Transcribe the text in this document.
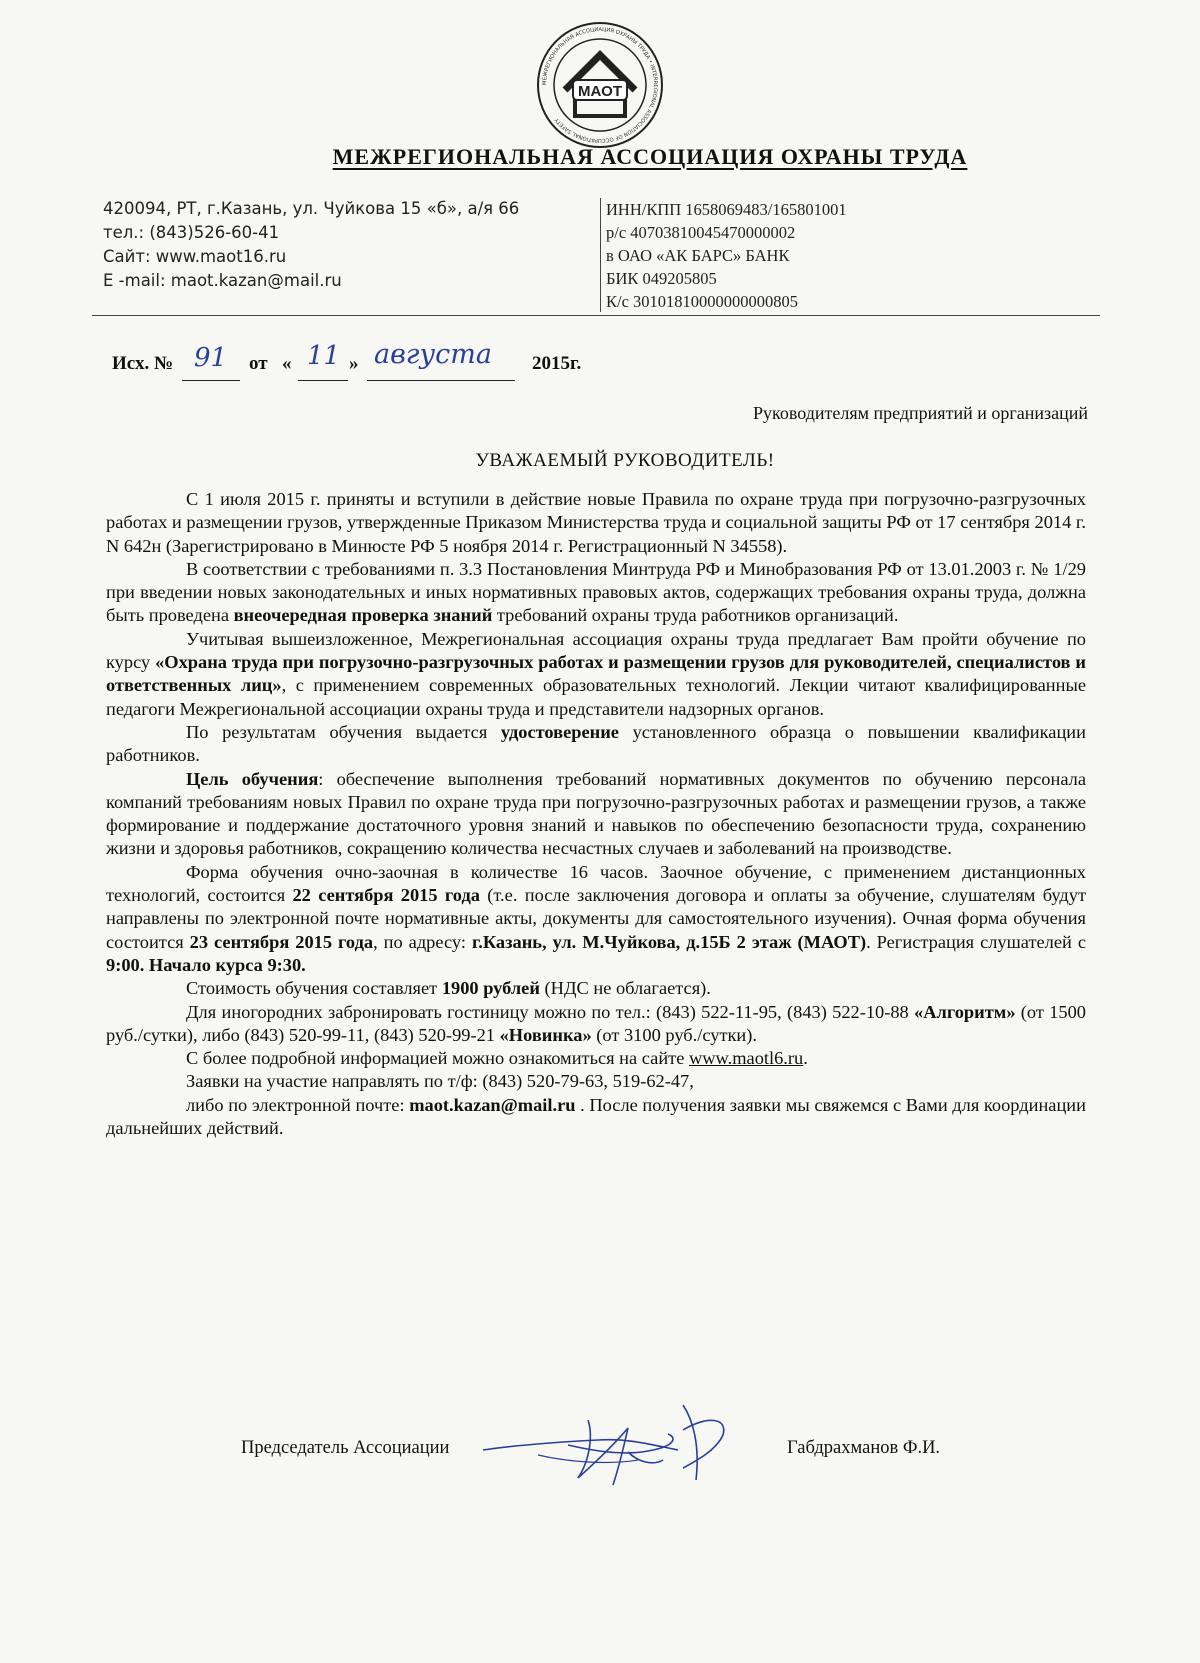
МАОТ
МЕЖРЕГИОНАЛЬНАЯ АССОЦИАЦИЯ ОХРАНЫ ТРУДА • INTERREGIONAL ASSOCIATION OF OCCUPATIONAL SAFETY
МЕЖРЕГИОНАЛЬНАЯ АССОЦИАЦИЯ ОХРАНЫ ТРУДА
420094, РТ, г.Казань, ул. Чуйкова 15 «б», а/я 66
тел.: (843)526-60-41
Сайт: www.maot16.ru
E -mail: maot.kazan@mail.ru
ИНН/КПП 1658069483/165801001
р/с 40703810045470000002
в ОАО «АК БАРС» БАНК
БИК 049205805
К/с 30101810000000000805
Исх. № 91 от « 11 » августа 2015г.
Руководителям предприятий и организаций
УВАЖАЕМЫЙ РУКОВОДИТЕЛЬ!

С 1 июля 2015 г. приняты и вступили в действие новые Правила по охране труда при погрузочно-разгрузочных работах и размещении грузов, утвержденные Приказом Министерства труда и социальной защиты РФ от 17 сентября 2014 г. N 642н (Зарегистрировано в Минюсте РФ 5 ноября 2014 г. Регистрационный N 34558).

В соответствии с требованиями п. 3.3 Постановления Минтруда РФ и Минобразования РФ от 13.01.2003 г. № 1/29 при введении новых законодательных и иных нормативных правовых актов, содержащих требования охраны труда, должна быть проведена внеочередная проверка знаний требований охраны труда работников организаций.

Учитывая вышеизложенное, Межрегиональная ассоциация охраны труда предлагает Вам пройти обучение по курсу «Охрана труда при погрузочно-разгрузочных работах и размещении грузов для руководителей, специалистов и ответственных лиц», с применением современных образовательных технологий. Лекции читают квалифицированные педагоги Межрегиональной ассоциации охраны труда и представители надзорных органов.

По результатам обучения выдается удостоверение установленного образца о повышении квалификации работников.

Цель обучения: обеспечение выполнения требований нормативных документов по обучению персонала компаний требованиям новых Правил по охране труда при погрузочно-разгрузочных работах и размещении грузов, а также формирование и поддержание достаточного уровня знаний и навыков по обеспечению безопасности труда, сохранению жизни и здоровья работников, сокращению количества несчастных случаев и заболеваний на производстве.

Форма обучения очно-заочная в количестве 16 часов. Заочное обучение, с применением дистанционных технологий, состоится 22 сентября 2015 года (т.е. после заключения договора и оплаты за обучение, слушателям будут направлены по электронной почте нормативные акты, документы для самостоятельного изучения). Очная форма обучения состоится 23 сентября 2015 года, по адресу: г.Казань, ул. М.Чуйкова, д.15Б 2 этаж (МАОТ). Регистрация слушателей с 9:00. Начало курса 9:30.

Стоимость обучения составляет 1900 рублей (НДС не облагается).

Для иногородних забронировать гостиницу можно по тел.: (843) 522-11-95, (843) 522-10-88 «Алгоритм» (от 1500 руб./сутки), либо (843) 520-99-11, (843) 520-99-21 «Новинка» (от 3100 руб./сутки).

С более подробной информацией можно ознакомиться на сайте www.maotl6.ru.

Заявки на участие направлять по т/ф: (843) 520-79-63, 519-62-47,

либо по электронной почте: maot.kazan@mail.ru . После получения заявки мы свяжемся с Вами для координации дальнейших действий.

Председатель Ассоциации	Габдрахманов Ф.И.
